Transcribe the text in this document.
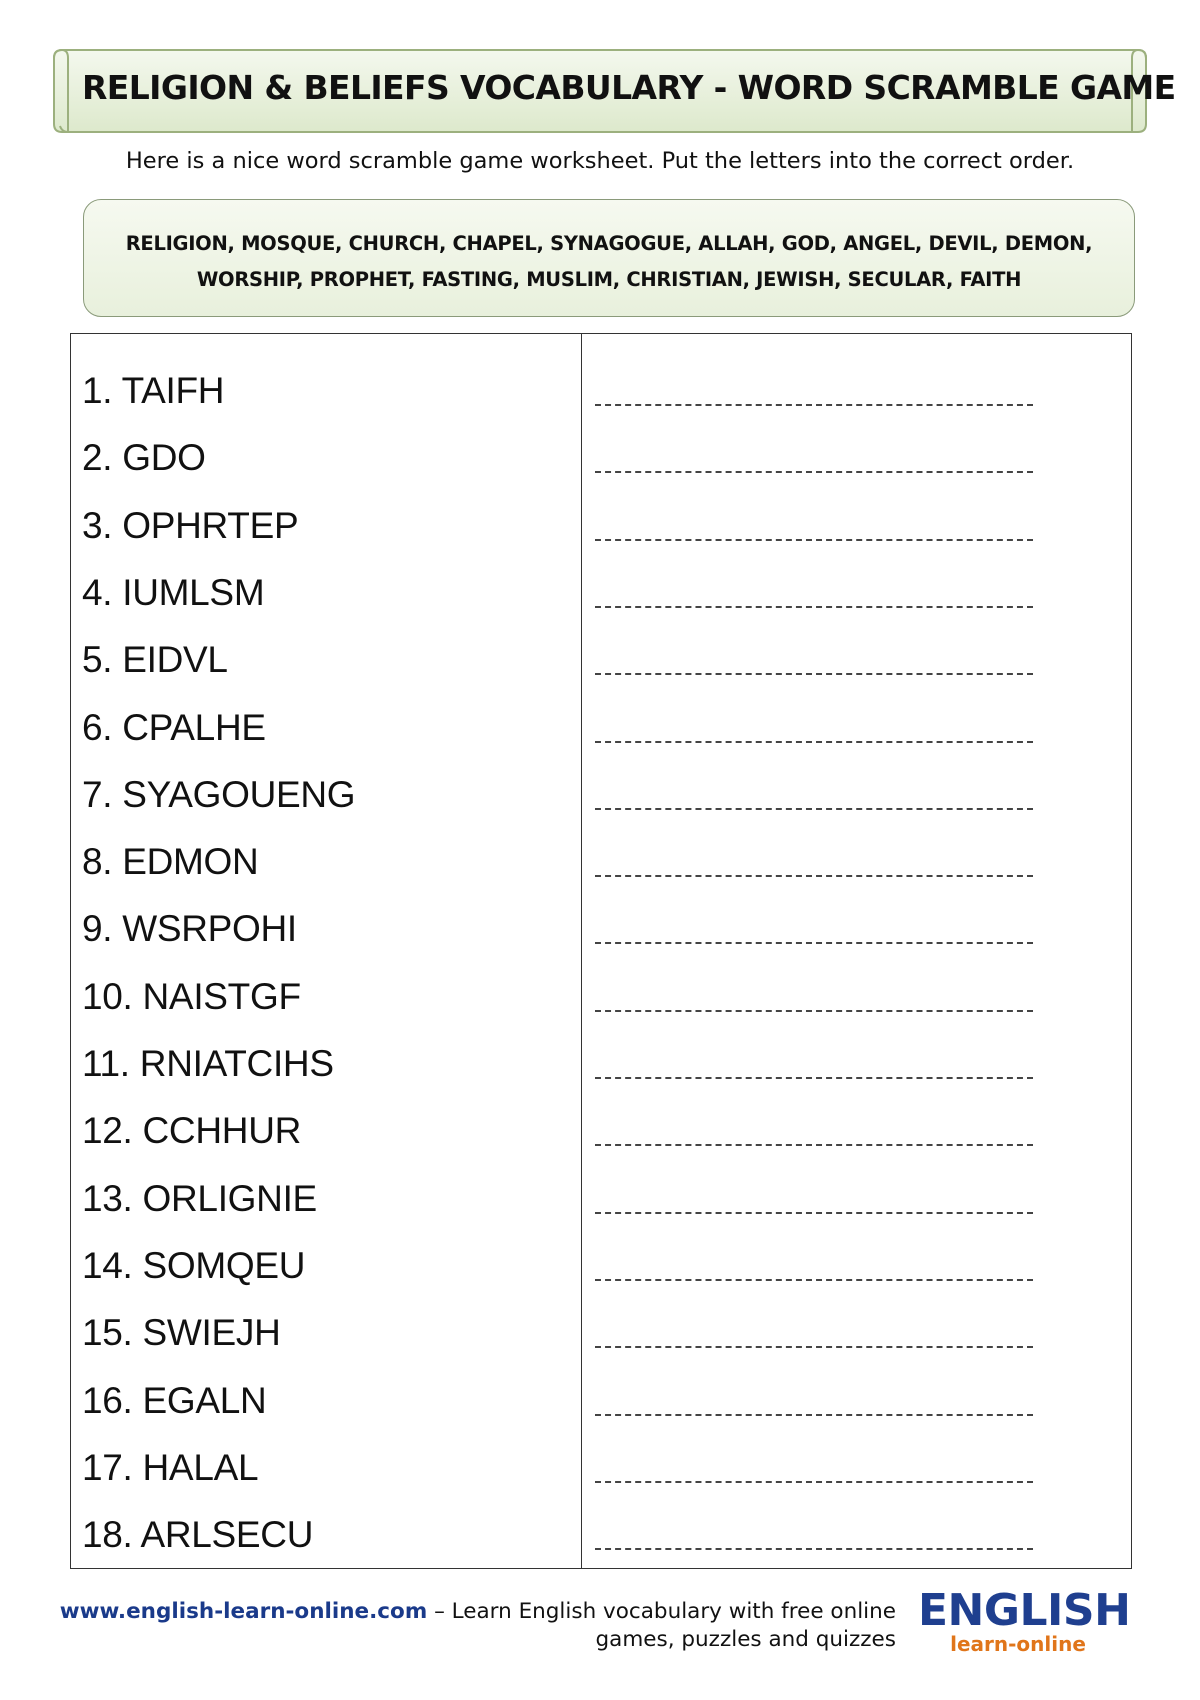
RELIGION & BELIEFS VOCABULARY - WORD SCRAMBLE GAME
Here is a nice word scramble game worksheet. Put the letters into the correct order.
RELIGION, MOSQUE, CHURCH, CHAPEL, SYNAGOGUE, ALLAH, GOD, ANGEL, DEVIL, DEMON,
WORSHIP, PROPHET, FASTING, MUSLIM, CHRISTIAN, JEWISH, SECULAR, FAITH
1. TAIFH
2. GDO
3. OPHRTEP
4. IUMLSM
5. EIDVL
6. CPALHE
7. SYAGOUENG
8. EDMON
9. WSRPOHI
10. NAISTGF
11. RNIATCIHS
12. CCHHUR
13. ORLIGNIE
14. SOMQEU
15. SWIEJH
16. EGALN
17. HALAL
18. ARLSECU
www.english-learn-online.com – Learn English vocabulary with free online
games, puzzles and quizzes
ENGLISH
learn-online
